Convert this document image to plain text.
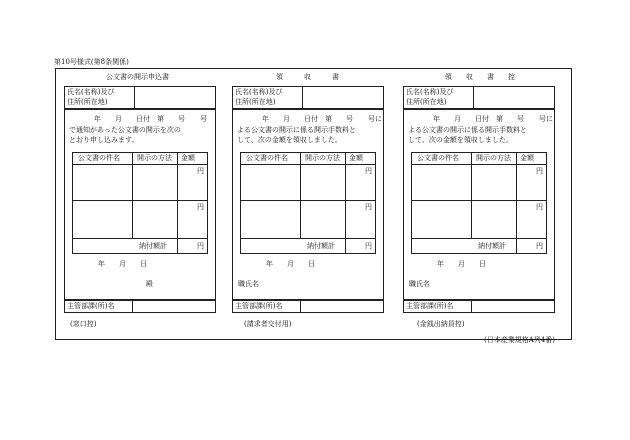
第10号様式(第8条関係)
公文書の開示申込書
氏名(名称)及び
住所(所在地)
年　　月　　日付　第　　号 号
で通知があった公文書の開示を次の
とおり申し込みます。
公文書の件名 開示の方法 金額
円
円
納付額計	円
年　　月　　日
殿
主管部課(所)名
(窓口控)
領　　　収　　　書
氏名(名称)及び
住所(所在地)
年　　月　　日付　第　　号 号に
よる公文書の開示に係る開示手数料と
して、次の金額を領収しました。
公文書の件名 開示の方法 金額
円
円
納付額計	円
年　　月　　日
職氏名
主管部課(所)名
(請求者交付用)
領　　収　　書　　控
氏名(名称)及び
住所(所在地)
年　　月　　日付　第　　号 号に
よる公文書の開示に係る開示手数料と
して、次の金額を領収しました。
公文書の件名 開示の方法 金額
円
円
納付額計	円
年　　月　　日
職氏名
主管部課(所)名
(金銭出納員控)
(日本産業規格A列4番)
